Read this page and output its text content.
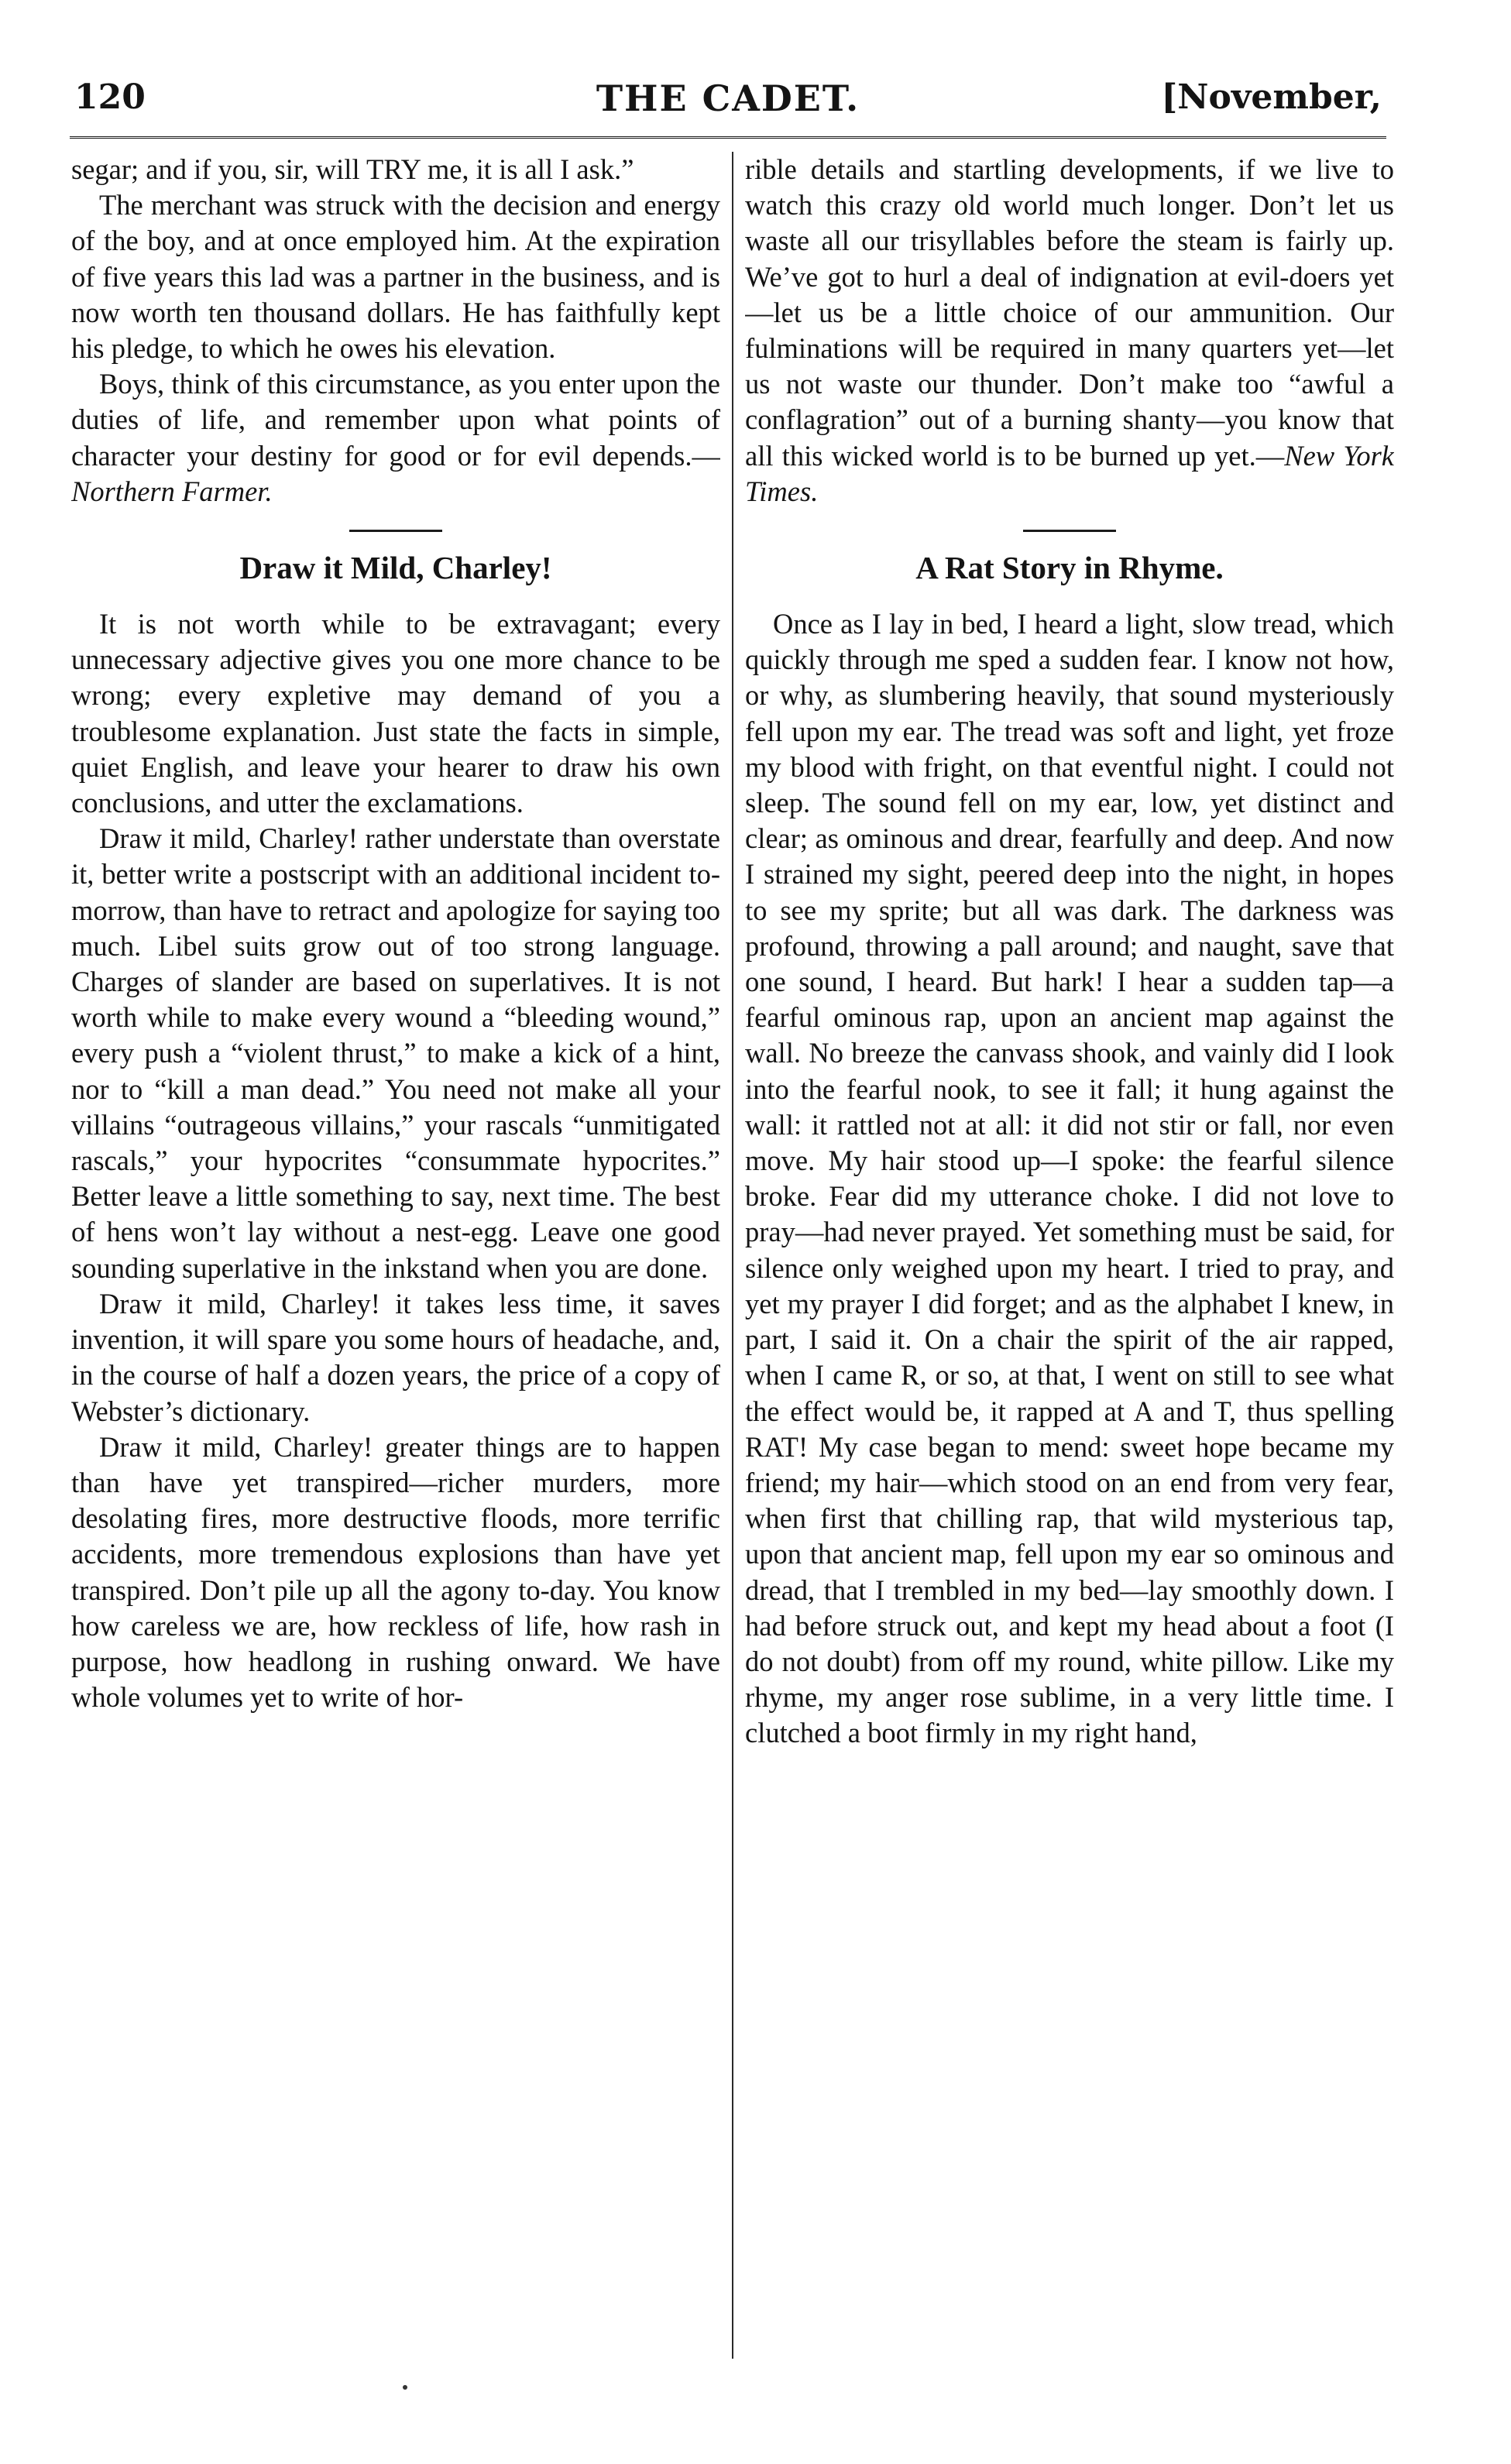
120	THE CADET.	[November,

segar; and if you, sir, will TRY me, it is all I ask.”

The merchant was struck with the decision and energy of the boy, and at once employed him. At the expiration of five years this lad was a partner in the business, and is now worth ten thousand dollars. He has faithfully kept his pledge, to which he owes his elevation.

Boys, think of this circumstance, as you enter upon the duties of life, and remember upon what points of character your destiny for good or for evil depends.— Northern Farmer.

Draw it Mild, Charley!

It is not worth while to be extravagant; every unnecessary adjective gives you one more chance to be wrong; every expletive may demand of you a troublesome explanation. Just state the facts in simple, quiet English, and leave your hearer to draw his own conclusions, and utter the exclamations.

Draw it mild, Charley! rather understate than overstate it, better write a postscript with an additional incident to-morrow, than have to retract and apologize for saying too much. Libel suits grow out of too strong language. Charges of slander are based on superlatives. It is not worth while to make every wound a “bleeding wound,” every push a “violent thrust,” to make a kick of a hint, nor to “kill a man dead.” You need not make all your villains “outrageous villains,” your rascals “unmitigated rascals,” your hypocrites “consummate hypocrites.” Better leave a little something to say, next time. The best of hens won’t lay without a nest-egg. Leave one good sounding superlative in the inkstand when you are done.

Draw it mild, Charley! it takes less time, it saves invention, it will spare you some hours of headache, and, in the course of half a dozen years, the price of a copy of Webster’s dictionary.

Draw it mild, Charley! greater things are to happen than have yet transpired—richer murders, more desolating fires, more destructive floods, more terrific accidents, more tremendous explosions than have yet transpired. Don’t pile up all the agony to-day. You know how careless we are, how reckless of life, how rash in purpose, how headlong in rushing onward. We have whole volumes yet to write of hor-

rible details and startling developments, if we live to watch this crazy old world much longer. Don’t let us waste all our trisyllables before the steam is fairly up. We’ve got to hurl a deal of indignation at evil-doers yet—let us be a little choice of our ammunition. Our fulminations will be required in many quarters yet—let us not waste our thunder. Don’t make too “awful a conflagration” out of a burning shanty—you know that all this wicked world is to be burned up yet.—New York Times.

A Rat Story in Rhyme.

Once as I lay in bed, I heard a light, slow tread, which quickly through me sped a sudden fear. I know not how, or why, as slumbering heavily, that sound mysteriously fell upon my ear. The tread was soft and light, yet froze my blood with fright, on that eventful night. I could not sleep. The sound fell on my ear, low, yet distinct and clear; as ominous and drear, fearfully and deep. And now I strained my sight, peered deep into the night, in hopes to see my sprite; but all was dark. The darkness was profound, throwing a pall around; and naught, save that one sound, I heard. But hark! I hear a sudden tap—a fearful ominous rap, upon an ancient map against the wall. No breeze the canvass shook, and vainly did I look into the fearful nook, to see it fall; it hung against the wall: it rattled not at all: it did not stir or fall, nor even move. My hair stood up—I spoke: the fearful silence broke. Fear did my utterance choke. I did not love to pray—had never prayed. Yet something must be said, for silence only weighed upon my heart. I tried to pray, and yet my prayer I did forget; and as the alphabet I knew, in part, I said it. On a chair the spirit of the air rapped, when I came R, or so, at that, I went on still to see what the effect would be, it rapped at A and T, thus spelling RAT! My case began to mend: sweet hope became my friend; my hair—which stood on an end from very fear, when first that chilling rap, that wild mysterious tap, upon that ancient map, fell upon my ear so ominous and dread, that I trembled in my bed—lay smoothly down. I had before struck out, and kept my head about a foot (I do not doubt) from off my round, white pillow. Like my rhyme, my anger rose sublime, in a very little time. I clutched a boot firmly in my right hand,
